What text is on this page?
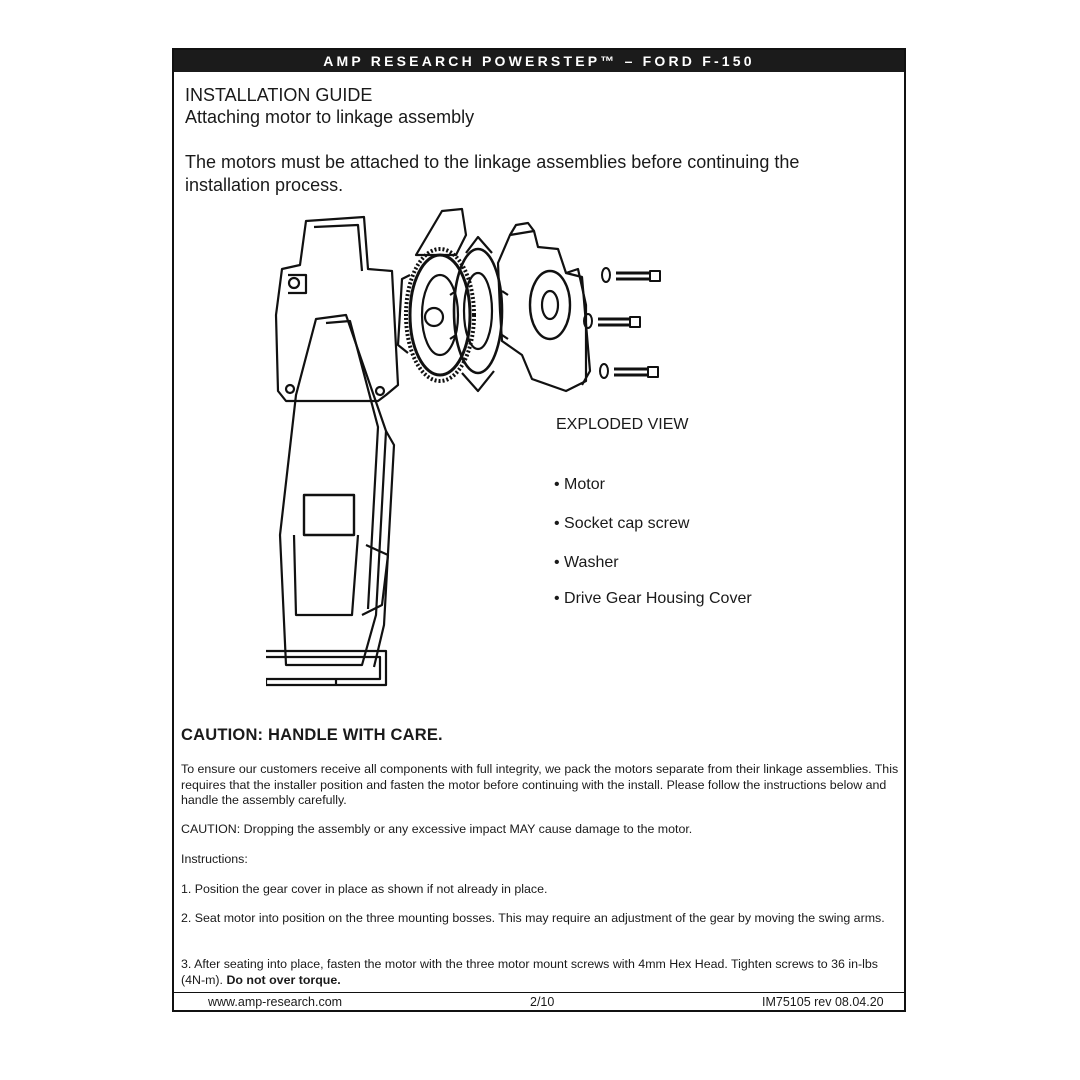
AMP RESEARCH POWERSTEP™ – FORD F-150
INSTALLATION GUIDE
Attaching motor to linkage assembly
The motors must be attached to the linkage assemblies before continuing the installation process.
EXPLODED VIEW
• Motor
• Socket cap screw
• Washer
• Drive Gear Housing Cover
CAUTION: HANDLE WITH CARE.
To ensure our customers receive all components with full integrity, we pack the motors separate from their linkage assemblies. This requires that the installer position and fasten the motor before continuing with the install. Please follow the instructions below and handle the assembly carefully.
CAUTION: Dropping the assembly or any excessive impact MAY cause damage to the motor.
Instructions:
1. Position the gear cover in place as shown if not already in place.
2. Seat motor into position on the three mounting bosses. This may require an adjustment of the gear by moving the swing arms.
3. After seating into place, fasten the motor with the three motor mount screws with 4mm Hex Head. Tighten screws to 36 in-lbs (4N-m). Do not over torque.
www.amp-research.com	2/10	IM75105 rev 08.04.20
